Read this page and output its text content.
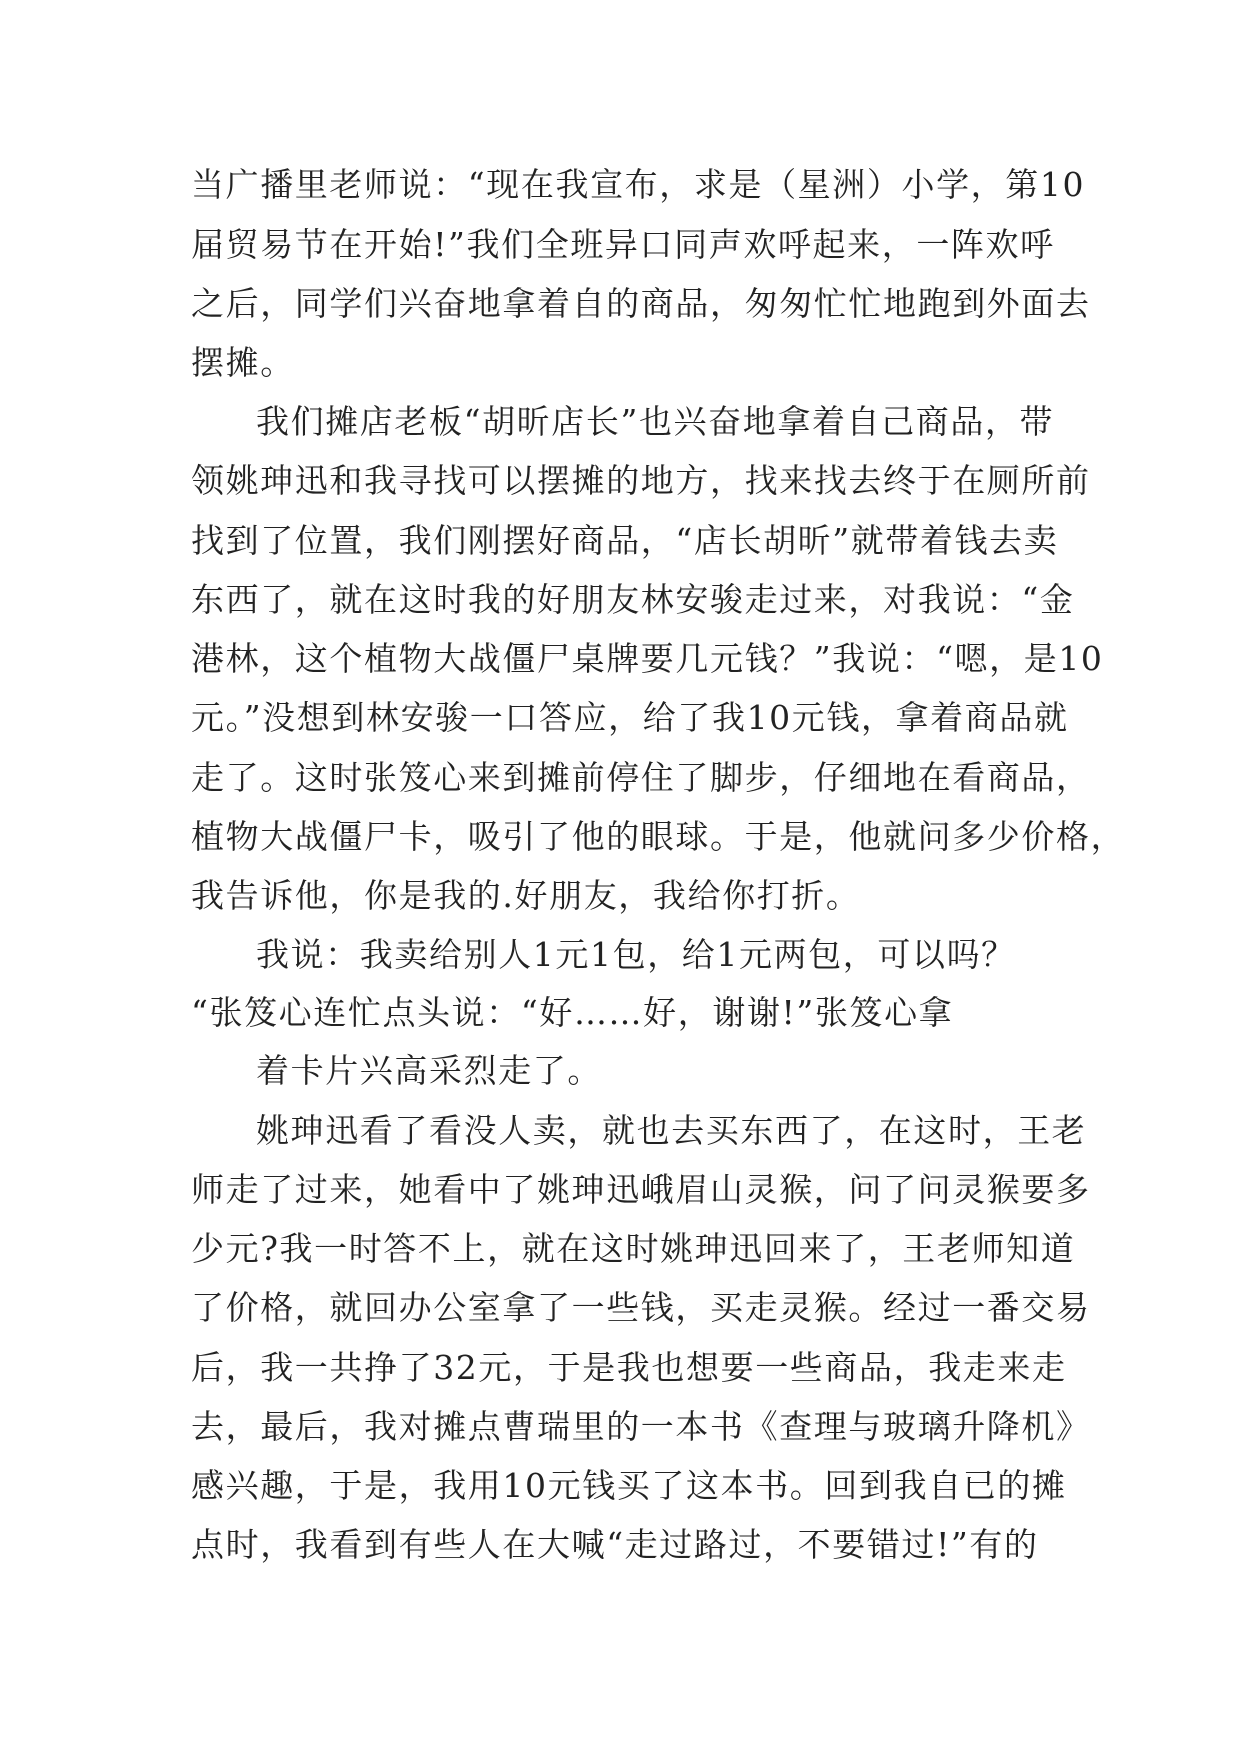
当广播里老师说：“现在我宣布，求是（星洲）小学，第10
届贸易节在开始!”我们全班异口同声欢呼起来，一阵欢呼
之后，同学们兴奋地拿着自的商品，匆匆忙忙地跑到外面去
摆摊。
我们摊店老板“胡昕店长”也兴奋地拿着自己商品，带
领姚珅迅和我寻找可以摆摊的地方，找来找去终于在厕所前
找到了位置，我们刚摆好商品，“店长胡昕”就带着钱去卖
东西了，就在这时我的好朋友林安骏走过来，对我说：“金
港林，这个植物大战僵尸桌牌要几元钱？”我说：“嗯，是10
元。”没想到林安骏一口答应，给了我10元钱，拿着商品就
走了。这时张笈心来到摊前停住了脚步，仔细地在看商品，
植物大战僵尸卡，吸引了他的眼球。于是，他就问多少价格，
我告诉他，你是我的.好朋友，我给你打折。
我说：我卖给别人1元1包，给1元两包，可以吗？
“张笈心连忙点头说：“好……好，谢谢!”张笈心拿
着卡片兴高采烈走了。
姚珅迅看了看没人卖，就也去买东西了，在这时，王老
师走了过来，她看中了姚珅迅峨眉山灵猴，问了问灵猴要多
少元?我一时答不上，就在这时姚珅迅回来了，王老师知道
了价格，就回办公室拿了一些钱，买走灵猴。经过一番交易
后，我一共挣了32元，于是我也想要一些商品，我走来走
去，最后，我对摊点曹瑞里的一本书《查理与玻璃升降机》
感兴趣，于是，我用10元钱买了这本书。回到我自已的摊
点时，我看到有些人在大喊“走过路过，不要错过!”有的
